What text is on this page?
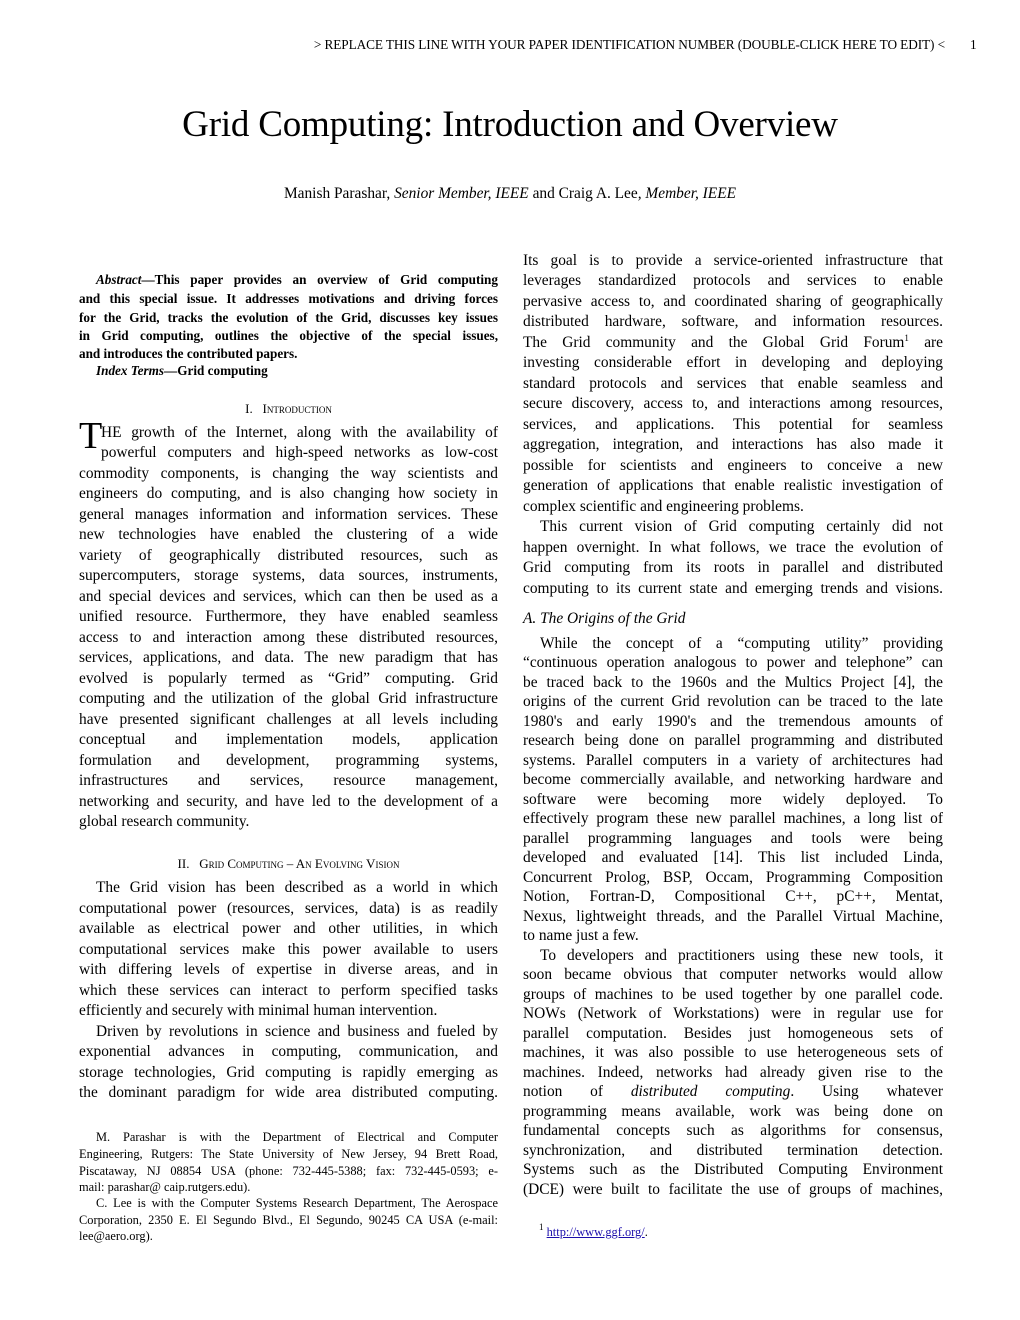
> REPLACE THIS LINE WITH YOUR PAPER IDENTIFICATION NUMBER (DOUBLE-CLICK HERE TO EDIT) < 1
Grid Computing: Introduction and Overview
Manish Parashar, Senior Member, IEEE and Craig A. Lee, Member, IEEE
Abstract—This paper provides an overview of Grid computing
and this special issue. It addresses motivations and driving forces
for the Grid, tracks the evolution of the Grid, discusses key issues
in Grid computing, outlines the objective of the special issues,
and introduces the contributed papers.
Index Terms—Grid computing
I. Introduction
T
HE growth of the Internet, along with the availability of
powerful computers and high-speed networks as low-cost
commodity components, is changing the way scientists and
engineers do computing, and is also changing how society in
general manages information and information services. These
new technologies have enabled the clustering of a wide
variety of geographically distributed resources, such as
supercomputers, storage systems, data sources, instruments,
and special devices and services, which can then be used as a
unified resource. Furthermore, they have enabled seamless
access to and interaction among these distributed resources,
services, applications, and data. The new paradigm that has
evolved is popularly termed as “Grid” computing. Grid
computing and the utilization of the global Grid infrastructure
have presented significant challenges at all levels including
conceptual and implementation models, application
formulation and development, programming systems,
infrastructures and services, resource management,
networking and security, and have led to the development of a
global research community.
II. Grid Computing – An Evolving Vision
The Grid vision has been described as a world in which
computational power (resources, services, data) is as readily
available as electrical power and other utilities, in which
computational services make this power available to users
with differing levels of expertise in diverse areas, and in
which these services can interact to perform specified tasks
efficiently and securely with minimal human intervention.
Driven by revolutions in science and business and fueled by
exponential advances in computing, communication, and
storage technologies, Grid computing is rapidly emerging as
the dominant paradigm for wide area distributed computing.
M. Parashar is with the Department of Electrical and Computer
Engineering, Rutgers: The State University of New Jersey, 94 Brett Road,
Piscataway, NJ 08854 USA (phone: 732-445-5388; fax: 732-445-0593; e-
mail: parashar@ caip.rutgers.edu).
C. Lee is with the Computer Systems Research Department, The Aerospace
Corporation, 2350 E. El Segundo Blvd., El Segundo, 90245 CA USA (e-mail:
lee@aero.org).
Its goal is to provide a service-oriented infrastructure that
leverages standardized protocols and services to enable
pervasive access to, and coordinated sharing of geographically
distributed hardware, software, and information resources.
The Grid community and the Global Grid Forum$^1$ are
investing considerable effort in developing and deploying
standard protocols and services that enable seamless and
secure discovery, access to, and interactions among resources,
services, and applications. This potential for seamless
aggregation, integration, and interactions has also made it
possible for scientists and engineers to conceive a new
generation of applications that enable realistic investigation of
complex scientific and engineering problems.
This current vision of Grid computing certainly did not
happen overnight. In what follows, we trace the evolution of
Grid computing from its roots in parallel and distributed
computing to its current state and emerging trends and visions.
A. The Origins of the Grid
While the concept of a “computing utility” providing
“continuous operation analogous to power and telephone” can
be traced back to the 1960s and the Multics Project [4], the
origins of the current Grid revolution can be traced to the late
1980's and early 1990's and the tremendous amounts of
research being done on parallel programming and distributed
systems. Parallel computers in a variety of architectures had
become commercially available, and networking hardware and
software were becoming more widely deployed. To
effectively program these new parallel machines, a long list of
parallel programming languages and tools were being
developed and evaluated [14]. This list included Linda,
Concurrent Prolog, BSP, Occam, Programming Composition
Notion, Fortran-D, Compositional C++, pC++, Mentat,
Nexus, lightweight threads, and the Parallel Virtual Machine,
to name just a few.
To developers and practitioners using these new tools, it
soon became obvious that computer networks would allow
groups of machines to be used together by one parallel code.
NOWs (Network of Workstations) were in regular use for
parallel computation. Besides just homogeneous sets of
machines, it was also possible to use heterogeneous sets of
machines. Indeed, networks had already given rise to the
notion of distributed computing. Using whatever
programming means available, work was being done on
fundamental concepts such as algorithms for consensus,
synchronization, and distributed termination detection.
Systems such as the Distributed Computing Environment
(DCE) were built to facilitate the use of groups of machines,
$^1$ http://www.ggf.org/.
